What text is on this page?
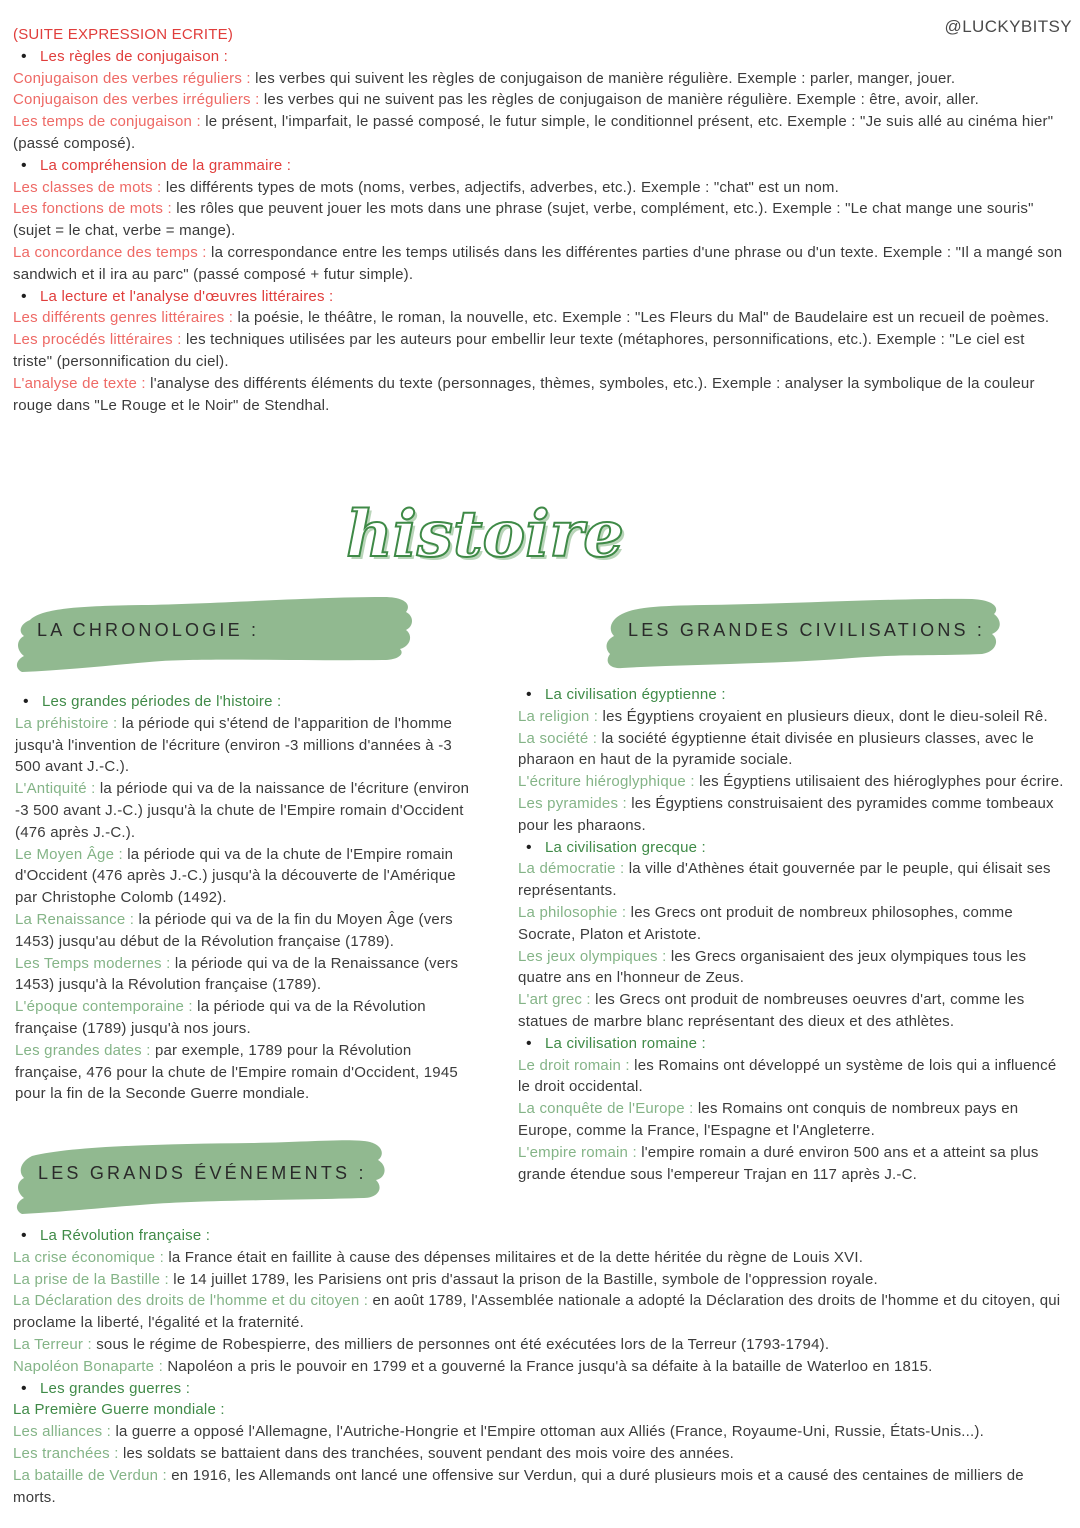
@LUCKYBITSY
(SUITE EXPRESSION ECRITE)
• Les règles de conjugaison :
Conjugaison des verbes réguliers : les verbes qui suivent les règles de conjugaison de manière régulière. Exemple : parler, manger, jouer.
Conjugaison des verbes irréguliers : les verbes qui ne suivent pas les règles de conjugaison de manière régulière. Exemple : être, avoir, aller.
Les temps de conjugaison : le présent, l'imparfait, le passé composé, le futur simple, le conditionnel présent, etc. Exemple : "Je suis allé au cinéma hier" (passé composé).
• La compréhension de la grammaire :
Les classes de mots : les différents types de mots (noms, verbes, adjectifs, adverbes, etc.). Exemple : "chat" est un nom.
Les fonctions de mots : les rôles que peuvent jouer les mots dans une phrase (sujet, verbe, complément, etc.). Exemple : "Le chat mange une souris" (sujet = le chat, verbe = mange).
La concordance des temps : la correspondance entre les temps utilisés dans les différentes parties d'une phrase ou d'un texte. Exemple : "Il a mangé son sandwich et il ira au parc" (passé composé + futur simple).
• La lecture et l'analyse d'œuvres littéraires :
Les différents genres littéraires : la poésie, le théâtre, le roman, la nouvelle, etc. Exemple : "Les Fleurs du Mal" de Baudelaire est un recueil de poèmes.
Les procédés littéraires : les techniques utilisées par les auteurs pour embellir leur texte (métaphores, personnifications, etc.). Exemple : "Le ciel est triste" (personnification du ciel).
L'analyse de texte : l'analyse des différents éléments du texte (personnages, thèmes, symboles, etc.). Exemple : analyser la symbolique de la couleur rouge dans "Le Rouge et le Noir" de Stendhal.
histoire
LA CHRONOLOGIE :	LES GRANDES CIVILISATIONS :
• Les grandes périodes de l'histoire :
La préhistoire : la période qui s'étend de l'apparition de l'homme jusqu'à l'invention de l'écriture (environ -3 millions d'années à -3 500 avant J.-C.).
L'Antiquité : la période qui va de la naissance de l'écriture (environ -3 500 avant J.-C.) jusqu'à la chute de l'Empire romain d'Occident (476 après J.-C.).
Le Moyen Âge : la période qui va de la chute de l'Empire romain d'Occident (476 après J.-C.) jusqu'à la découverte de l'Amérique par Christophe Colomb (1492).
La Renaissance : la période qui va de la fin du Moyen Âge (vers 1453) jusqu'au début de la Révolution française (1789).
Les Temps modernes : la période qui va de la Renaissance (vers 1453) jusqu'à la Révolution française (1789).
L'époque contemporaine : la période qui va de la Révolution française (1789) jusqu'à nos jours.
Les grandes dates : par exemple, 1789 pour la Révolution française, 476 pour la chute de l'Empire romain d'Occident, 1945 pour la fin de la Seconde Guerre mondiale.
• La civilisation égyptienne :
La religion : les Égyptiens croyaient en plusieurs dieux, dont le dieu-soleil Rê.
La société : la société égyptienne était divisée en plusieurs classes, avec le pharaon en haut de la pyramide sociale.
L'écriture hiéroglyphique : les Égyptiens utilisaient des hiéroglyphes pour écrire.
Les pyramides : les Égyptiens construisaient des pyramides comme tombeaux pour les pharaons.
• La civilisation grecque :
La démocratie : la ville d'Athènes était gouvernée par le peuple, qui élisait ses représentants.
La philosophie : les Grecs ont produit de nombreux philosophes, comme Socrate, Platon et Aristote.
Les jeux olympiques : les Grecs organisaient des jeux olympiques tous les quatre ans en l'honneur de Zeus.
L'art grec : les Grecs ont produit de nombreuses oeuvres d'art, comme les statues de marbre blanc représentant des dieux et des athlètes.
• La civilisation romaine :
Le droit romain : les Romains ont développé un système de lois qui a influencé le droit occidental.
La conquête de l'Europe : les Romains ont conquis de nombreux pays en Europe, comme la France, l'Espagne et l'Angleterre.
L'empire romain : l'empire romain a duré environ 500 ans et a atteint sa plus grande étendue sous l'empereur Trajan en 117 après J.-C.
LES GRANDS ÉVÉNEMENTS :
• La Révolution française :
La crise économique : la France était en faillite à cause des dépenses militaires et de la dette héritée du règne de Louis XVI.
La prise de la Bastille : le 14 juillet 1789, les Parisiens ont pris d'assaut la prison de la Bastille, symbole de l'oppression royale.
La Déclaration des droits de l'homme et du citoyen : en août 1789, l'Assemblée nationale a adopté la Déclaration des droits de l'homme et du citoyen, qui proclame la liberté, l'égalité et la fraternité.
La Terreur : sous le régime de Robespierre, des milliers de personnes ont été exécutées lors de la Terreur (1793-1794).
Napoléon Bonaparte : Napoléon a pris le pouvoir en 1799 et a gouverné la France jusqu'à sa défaite à la bataille de Waterloo en 1815.
• Les grandes guerres :
La Première Guerre mondiale :
Les alliances : la guerre a opposé l'Allemagne, l'Autriche-Hongrie et l'Empire ottoman aux Alliés (France, Royaume-Uni, Russie, États-Unis...).
Les tranchées : les soldats se battaient dans des tranchées, souvent pendant des mois voire des années.
La bataille de Verdun : en 1916, les Allemands ont lancé une offensive sur Verdun, qui a duré plusieurs mois et a causé des centaines de milliers de morts.
